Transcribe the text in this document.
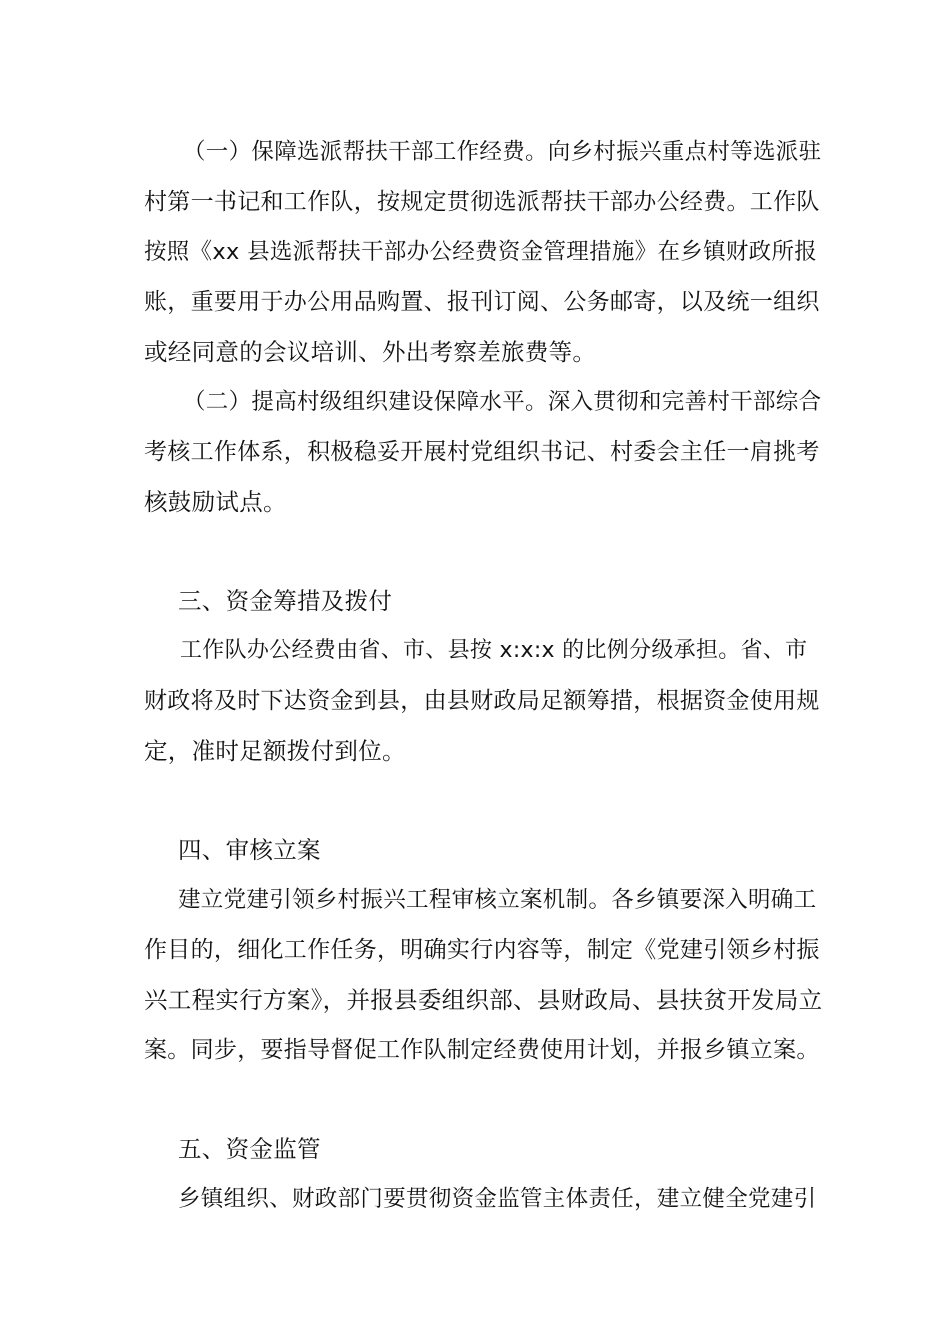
（一）保障选派帮扶干部工作经费。向乡村振兴重点村等选派驻
村第一书记和工作队，按规定贯彻选派帮扶干部办公经费。工作队
按照《xx 县选派帮扶干部办公经费资金管理措施》在乡镇财政所报
账，重要用于办公用品购置、报刊订阅、公务邮寄，以及统一组织
或经同意的会议培训、外出考察差旅费等。
（二）提高村级组织建设保障水平。深入贯彻和完善村干部综合
考核工作体系，积极稳妥开展村党组织书记、村委会主任一肩挑考
核鼓励试点。
三、资金筹措及拨付
工作队办公经费由省、市、县按 x:x:x 的比例分级承担。省、市
财政将及时下达资金到县，由县财政局足额筹措，根据资金使用规
定，准时足额拨付到位。
四、审核立案
建立党建引领乡村振兴工程审核立案机制。各乡镇要深入明确工
作目的，细化工作任务，明确实行内容等，制定《党建引领乡村振
兴工程实行方案》，并报县委组织部、县财政局、县扶贫开发局立
案。同步，要指导督促工作队制定经费使用计划，并报乡镇立案。
五、资金监管
乡镇组织、财政部门要贯彻资金监管主体责任，建立健全党建引
